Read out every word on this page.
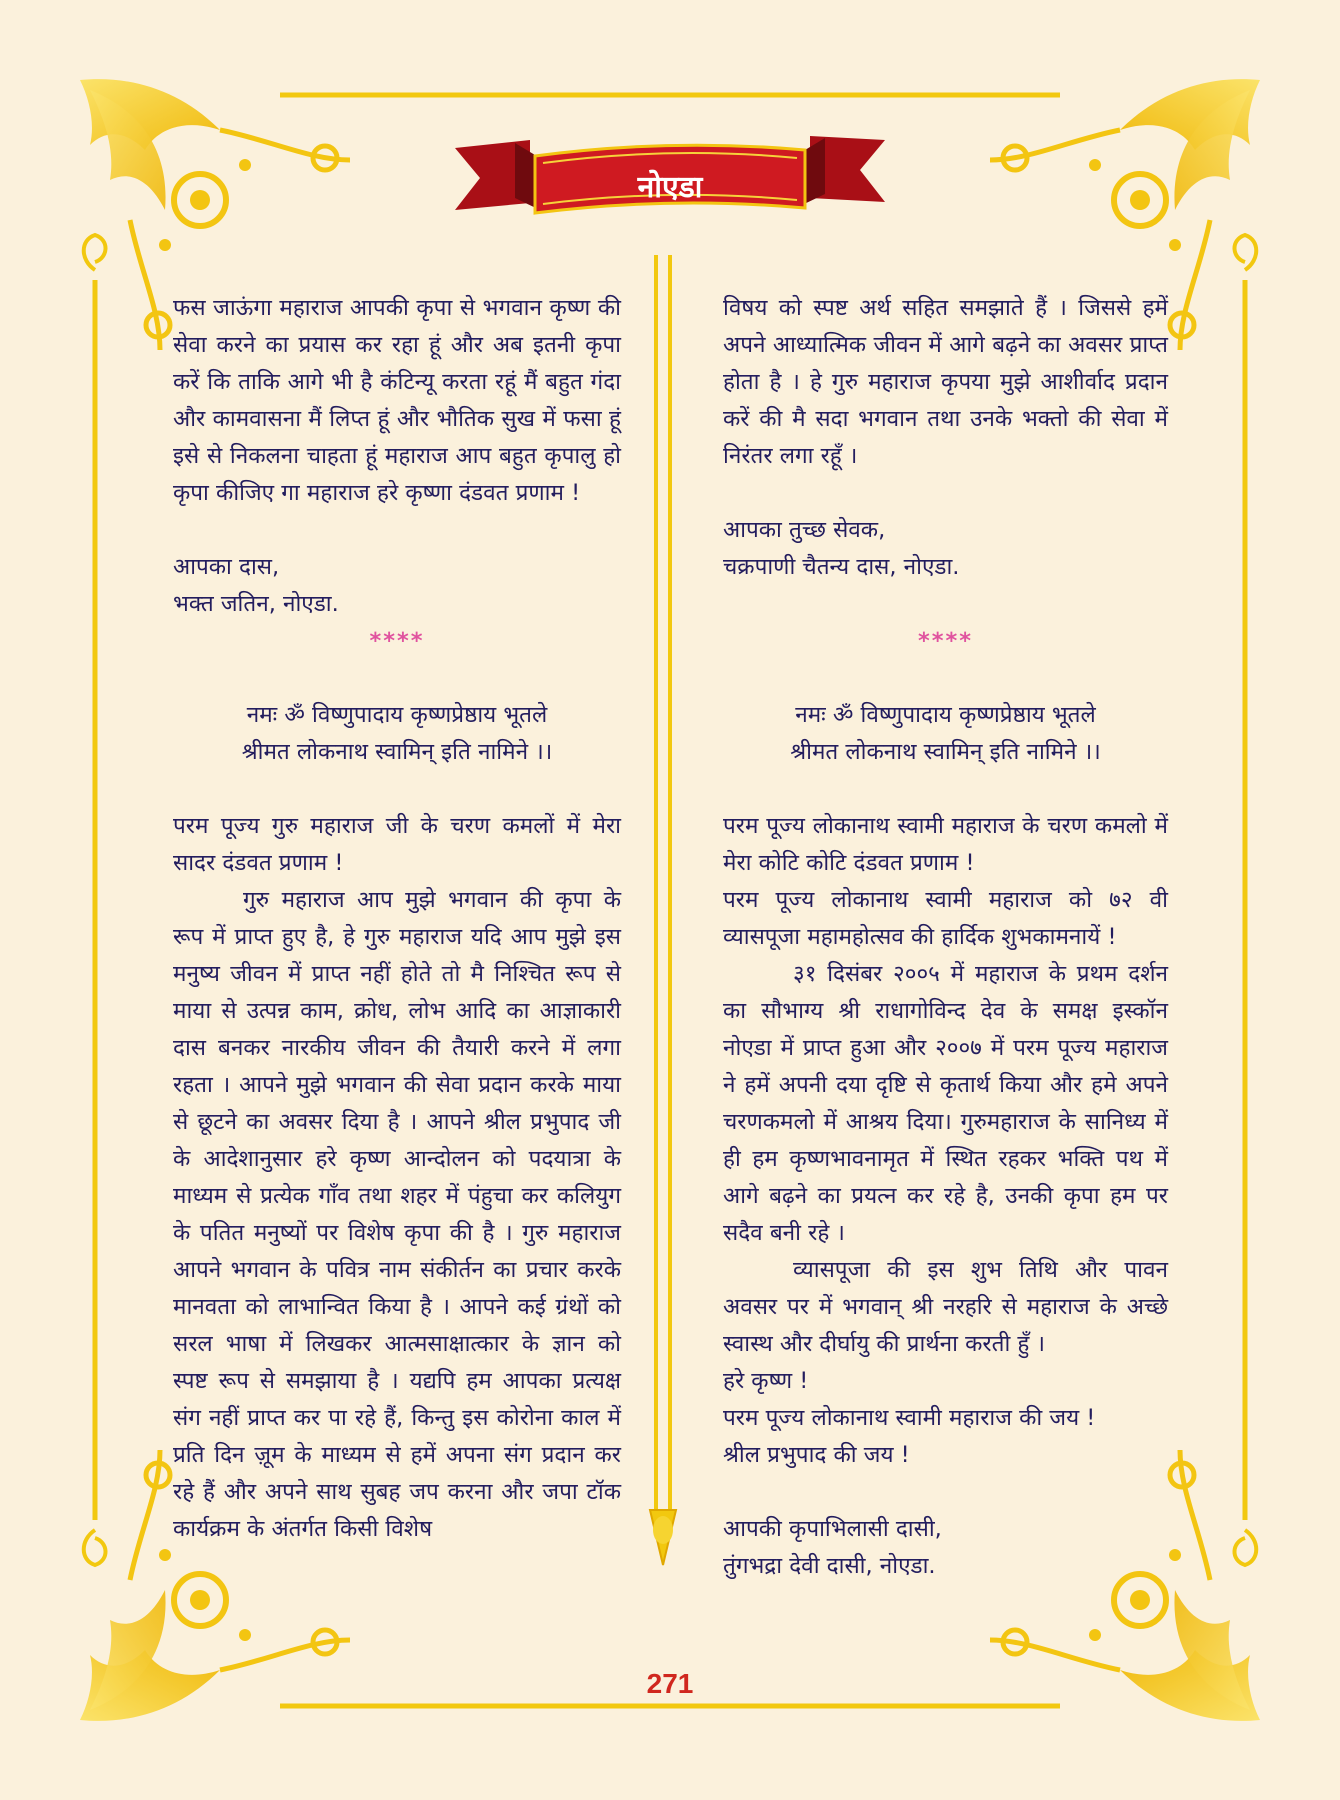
नोएडा

फस जाऊंगा महाराज आपकी कृपा से भगवान कृष्ण की सेवा करने का प्रयास कर रहा हूं और अब इतनी कृपा करें कि ताकि आगे भी है कंटिन्यू करता रहूं मैं बहुत गंदा और कामवासना मैं लिप्त हूं और भौतिक सुख में फसा हूं इसे से निकलना चाहता हूं महाराज आप बहुत कृपालु हो कृपा कीजिए गा महाराज हरे कृष्णा दंडवत प्रणाम !

आपका दास,

भक्त जतिन, नोएडा.

****

नमः ॐ विष्णुपादाय कृष्णप्रेष्ठाय भूतले

श्रीमत लोकनाथ स्वामिन् इति नामिने ।।

परम पूज्य गुरु महाराज जी के चरण कमलों में मेरा सादर दंडवत प्रणाम !

गुरु महाराज आप मुझे भगवान की कृपा के रूप में प्राप्त हुए है, हे गुरु महाराज यदि आप मुझे इस मनुष्य जीवन में प्राप्त नहीं होते तो मै निश्चित रूप से माया से उत्पन्न काम, क्रोध, लोभ आदि का आज्ञाकारी दास बनकर नारकीय जीवन की तैयारी करने में लगा रहता । आपने मुझे भगवान की सेवा प्रदान करके माया से छूटने का अवसर दिया है । आपने श्रील प्रभुपाद जी के आदेशानुसार हरे कृष्ण आन्दोलन को पदयात्रा के माध्यम से प्रत्येक गाँव तथा शहर में पंहुचा कर कलियुग के पतित मनुष्यों पर विशेष कृपा की है । गुरु महाराज आपने भगवान के पवित्र नाम संकीर्तन का प्रचार करके मानवता को लाभान्वित किया है । आपने कई ग्रंथों को सरल भाषा में लिखकर आत्मसाक्षात्कार के ज्ञान को स्पष्ट रूप से समझाया है । यद्यपि हम आपका प्रत्यक्ष संग नहीं प्राप्त कर पा रहे हैं, किन्तु इस कोरोना काल में प्रति दिन ज़ूम के माध्यम से हमें अपना संग प्रदान कर रहे हैं और अपने साथ सुबह जप करना और जपा टॉक कार्यक्रम के अंतर्गत किसी विशेष

विषय को स्पष्ट अर्थ सहित समझाते हैं । जिससे हमें अपने आध्यात्मिक जीवन में आगे बढ़ने का अवसर प्राप्त होता है । हे गुरु महाराज कृपया मुझे आशीर्वाद प्रदान करें की मै सदा भगवान तथा उनके भक्तो की सेवा में निरंतर लगा रहूँ ।

आपका तुच्छ सेवक,

चक्रपाणी चैतन्य दास, नोएडा.

****

नमः ॐ विष्णुपादाय कृष्णप्रेष्ठाय भूतले

श्रीमत लोकनाथ स्वामिन् इति नामिने ।।

परम पूज्य लोकानाथ स्वामी महाराज के चरण कमलो में मेरा कोटि कोटि दंडवत प्रणाम !

परम पूज्य लोकानाथ स्वामी महाराज को ७२ वी व्यासपूजा महामहोत्सव की हार्दिक शुभकामनायें !

३१ दिसंबर २००५ में महाराज के प्रथम दर्शन का सौभाग्य श्री राधागोविन्द देव के समक्ष इस्कॉन नोएडा में प्राप्त हुआ और २००७ में परम पूज्य महाराज ने हमें अपनी दया दृष्टि से कृतार्थ किया और हमे अपने चरणकमलो में आश्रय दिया। गुरुमहाराज के सानिध्य में ही हम कृष्णभावनामृत में स्थित रहकर भक्ति पथ में आगे बढ़ने का प्रयत्न कर रहे है, उनकी कृपा हम पर सदैव बनी रहे ।

व्यासपूजा की इस शुभ तिथि और पावन अवसर पर में भगवान् श्री नरहरि से महाराज के अच्छे स्वास्थ और दीर्घायु की प्रार्थना करती हुँ ।

हरे कृष्ण !

परम पूज्य लोकानाथ स्वामी महाराज की जय !

श्रील प्रभुपाद की जय !

आपकी कृपाभिलासी दासी,

तुंगभद्रा देवी दासी, नोएडा.

271
